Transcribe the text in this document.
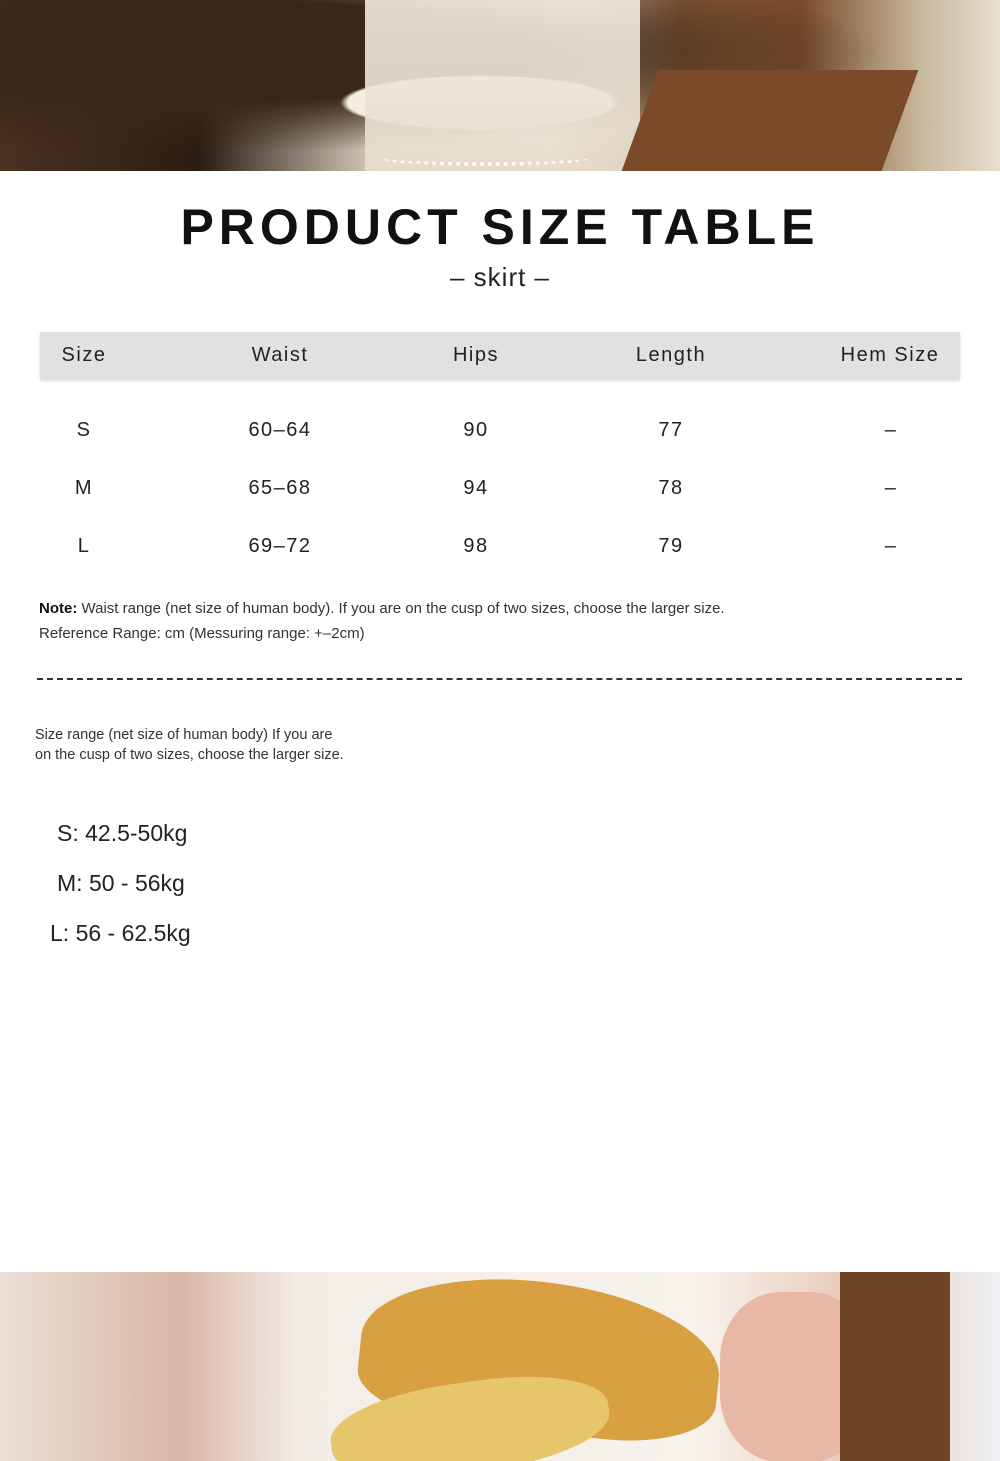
PRODUCT SIZE TABLE
– skirt –
Size	Waist	Hips	Length	Hem Size
S	60–64	90	77	–
M	65–68	94	78	–
L	69–72	98	79	–
Note: Waist range (net size of human body). If you are on the cusp of two sizes, choose the larger size.
Reference Range: cm (Messuring range: +–2cm)
Size range (net size of human body) If you are
on the cusp of two sizes, choose the larger size.
S: 42.5-50kg
M: 50 - 56kg
L: 56 - 62.5kg
